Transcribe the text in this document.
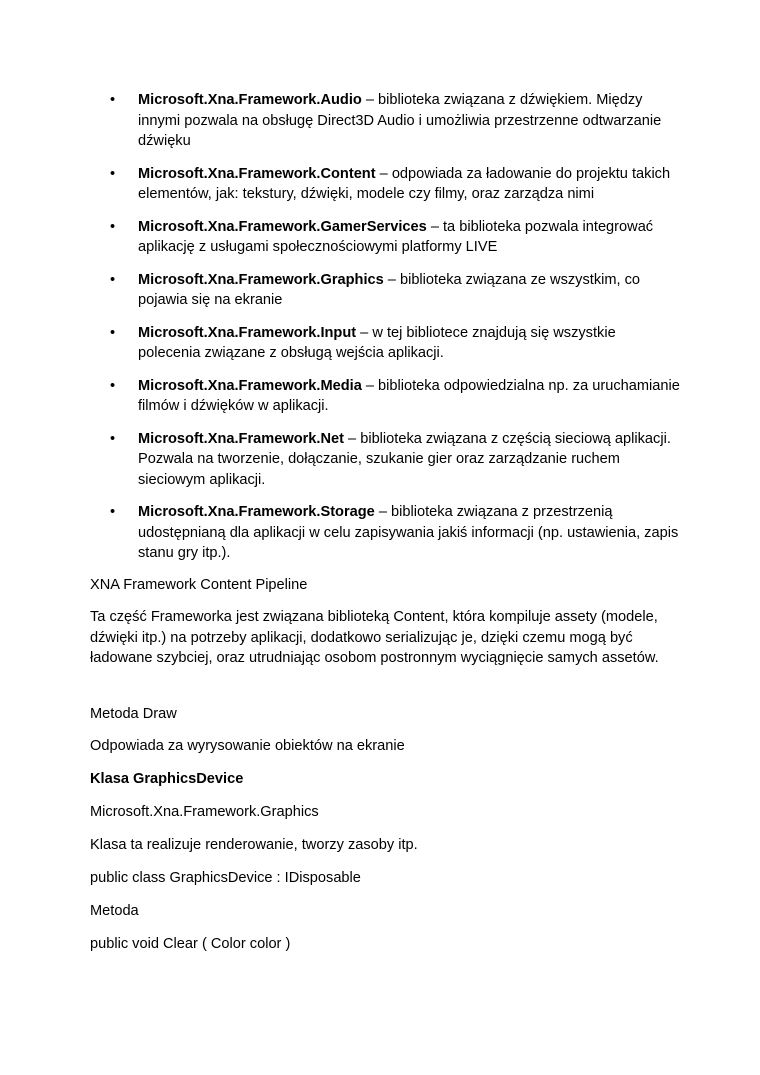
• Microsoft.Xna.Framework.Audio – biblioteka związana z dźwiękiem. Między innymi pozwala na obsługę Direct3D Audio i umożliwia przestrzenne odtwarzanie dźwięku
• Microsoft.Xna.Framework.Content – odpowiada za ładowanie do projektu takich elementów, jak: tekstury, dźwięki, modele czy filmy, oraz zarządza nimi
• Microsoft.Xna.Framework.GamerServices – ta biblioteka pozwala integrować aplikację z usługami społecznościowymi platformy LIVE
• Microsoft.Xna.Framework.Graphics – biblioteka związana ze wszystkim, co pojawia się na ekranie
• Microsoft.Xna.Framework.Input – w tej bibliotece znajdują się wszystkie polecenia związane z obsługą wejścia aplikacji.
• Microsoft.Xna.Framework.Media – biblioteka odpowiedzialna np. za uruchamianie filmów i dźwięków w aplikacji.
• Microsoft.Xna.Framework.Net – biblioteka związana z częścią sieciową aplikacji. Pozwala na tworzenie, dołączanie, szukanie gier oraz zarządzanie ruchem sieciowym aplikacji.
• Microsoft.Xna.Framework.Storage – biblioteka związana z przestrzenią udostępnianą dla aplikacji w celu zapisywania jakiś informacji (np. ustawienia, zapis stanu gry itp.).

XNA Framework Content Pipeline

Ta część Frameworka jest związana biblioteką Content, która kompiluje assety (modele, dźwięki itp.) na potrzeby aplikacji, dodatkowo serializując je, dzięki czemu mogą być ładowane szybciej, oraz utrudniając osobom postronnym wyciągnięcie samych assetów.

Metoda Draw

Odpowiada za wyrysowanie obiektów na ekranie

Klasa GraphicsDevice

Microsoft.Xna.Framework.Graphics

Klasa ta realizuje renderowanie, tworzy zasoby itp.

public class GraphicsDevice : IDisposable

Metoda

public void Clear ( Color color )
